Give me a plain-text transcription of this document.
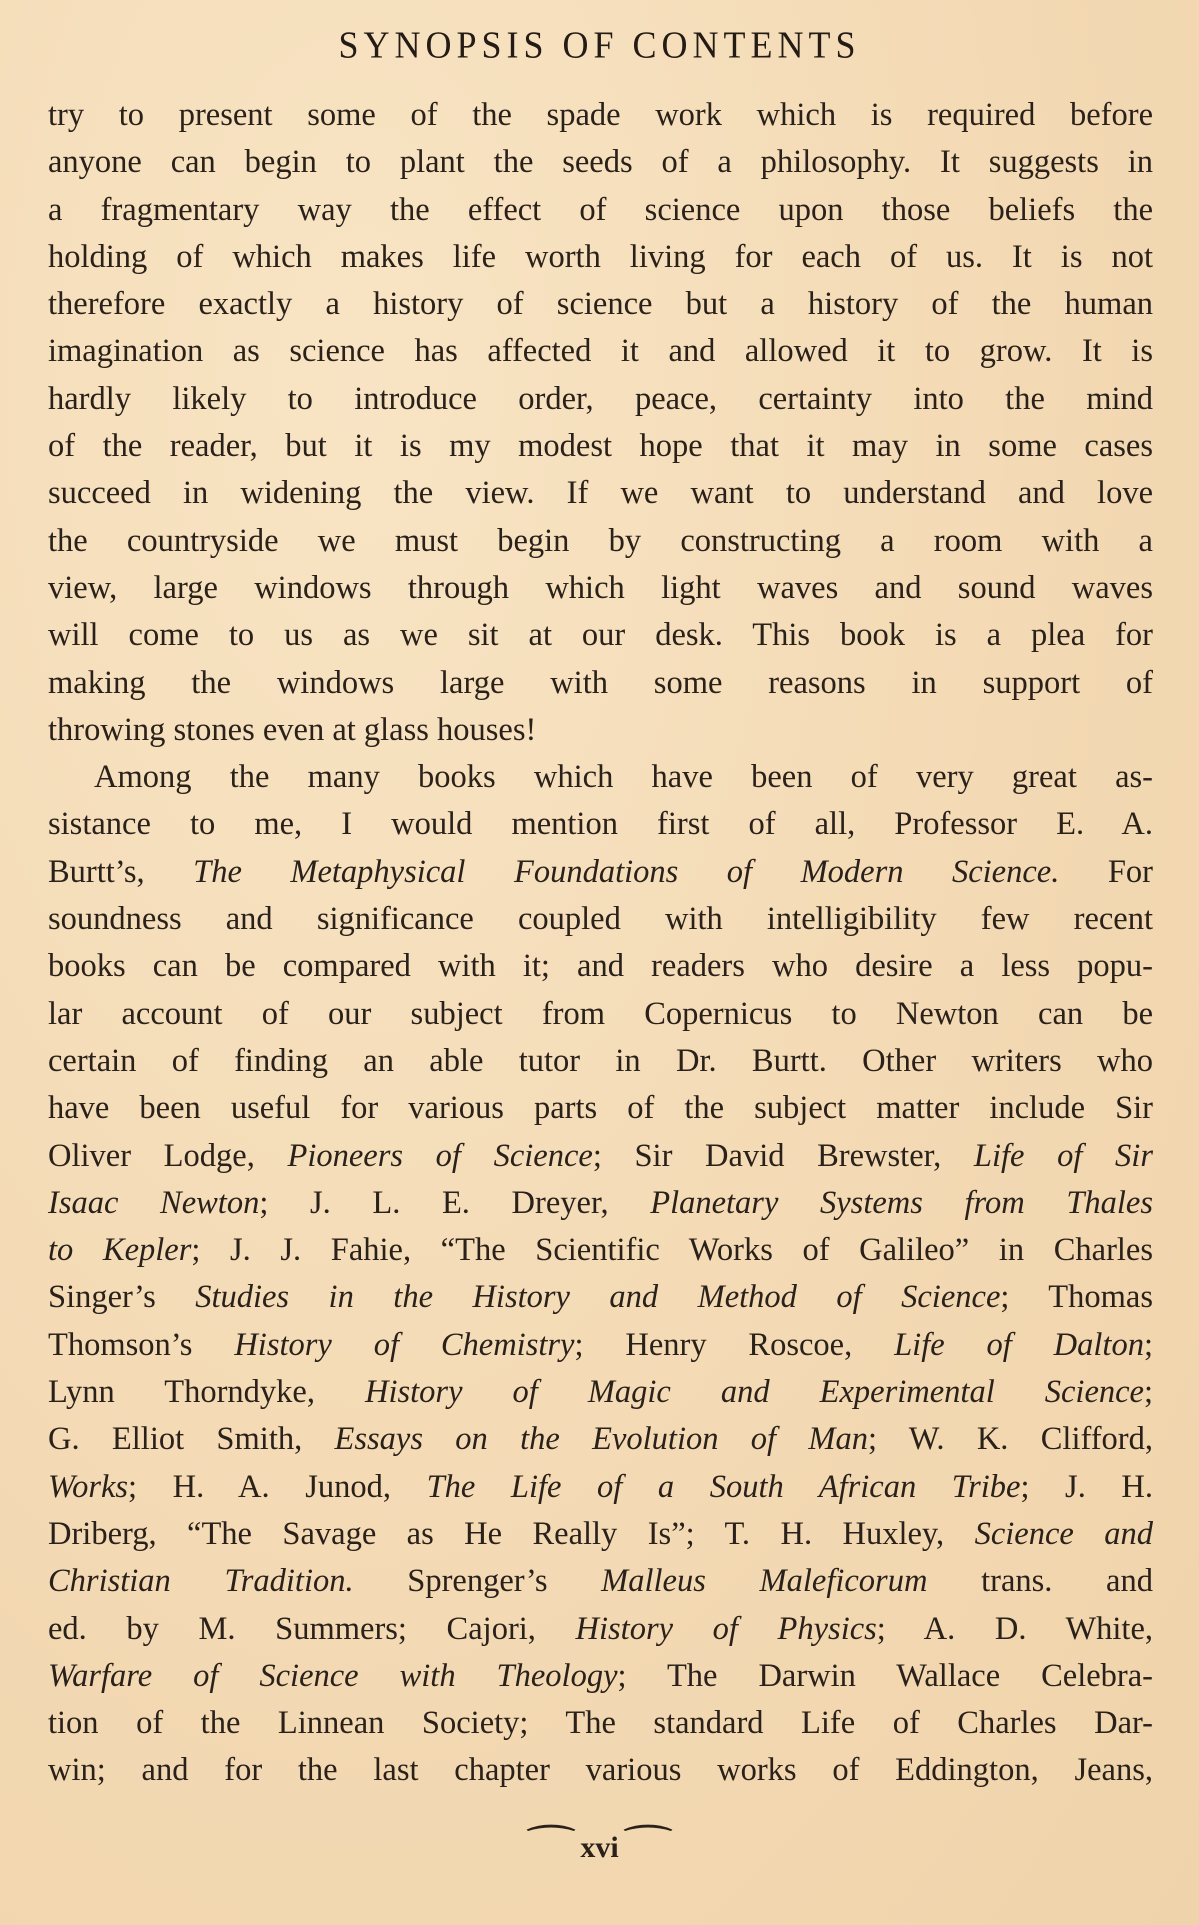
SYNOPSIS OF CONTENTS
try to present some of the spade work which is required before
anyone can begin to plant the seeds of a philosophy. It suggests in
a fragmentary way the effect of science upon those beliefs the
holding of which makes life worth living for each of us. It is not
therefore exactly a history of science but a history of the human
imagination as science has affected it and allowed it to grow. It is
hardly likely to introduce order, peace, certainty into the mind
of the reader, but it is my modest hope that it may in some cases
succeed in widening the view. If we want to understand and love
the countryside we must begin by constructing a room with a
view, large windows through which light waves and sound waves
will come to us as we sit at our desk. This book is a plea for
making the windows large with some reasons in support of
throwing stones even at glass houses!
Among the many books which have been of very great as-
sistance to me, I would mention first of all, Professor E. A.
Burtt’s, The Metaphysical Foundations of Modern Science. For
soundness and significance coupled with intelligibility few recent
books can be compared with it; and readers who desire a less popu-
lar account of our subject from Copernicus to Newton can be
certain of finding an able tutor in Dr. Burtt. Other writers who
have been useful for various parts of the subject matter include Sir
Oliver Lodge, Pioneers of Science; Sir David Brewster, Life of Sir
Isaac Newton; J. L. E. Dreyer, Planetary Systems from Thales
to Kepler; J. J. Fahie, “The Scientific Works of Galileo” in Charles
Singer’s Studies in the History and Method of Science; Thomas
Thomson’s History of Chemistry; Henry Roscoe, Life of Dalton;
Lynn Thorndyke, History of Magic and Experimental Science;
G. Elliot Smith, Essays on the Evolution of Man; W. K. Clifford,
Works; H. A. Junod, The Life of a South African Tribe; J. H.
Driberg, “The Savage as He Really Is”; T. H. Huxley, Science and
Christian Tradition. Sprenger’s Malleus Maleficorum trans. and
ed. by M. Summers; Cajori, History of Physics; A. D. White,
Warfare of Science with Theology; The Darwin Wallace Celebra-
tion of the Linnean Society; The standard Life of Charles Dar-
win; and for the last chapter various works of Eddington, Jeans,
⌒ xvi ⌒
